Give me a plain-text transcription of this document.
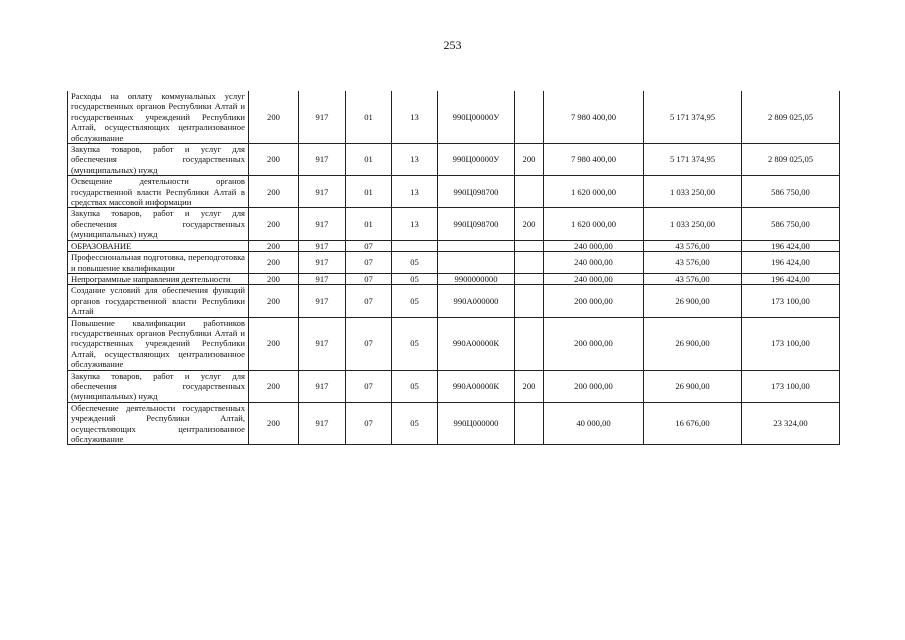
253
Расходы на оплату коммунальных услуг государственных органов Республики Алтай и государственных учреждений Республики Алтай, осуществляющих централизованное обслуживание	200	917	01	13	990Ц00000У		7 980 400,00	5 171 374,95	2 809 025,05
Закупка товаров, работ и услуг для обеспечения государственных (муниципальных) нужд	200	917	01	13	990Ц00000У	200	7 980 400,00	5 171 374,95	2 809 025,05
Освещение деятельности органов государственной власти Республики Алтай в средствах массовой информации	200	917	01	13	990Ц098700		1 620 000,00	1 033 250,00	586 750,00
Закупка товаров, работ и услуг для обеспечения государственных (муниципальных) нужд	200	917	01	13	990Ц098700	200	1 620 000,00	1 033 250,00	586 750,00
ОБРАЗОВАНИЕ	200	917	07				240 000,00	43 576,00	196 424,00
Профессиональная подготовка, переподготовка и повышение квалификации	200	917	07	05			240 000,00	43 576,00	196 424,00
Непрограммные направления деятельности	200	917	07	05	9900000000		240 000,00	43 576,00	196 424,00
Создание условий для обеспечения функций органов государственной власти Республики Алтай	200	917	07	05	990А000000		200 000,00	26 900,00	173 100,00
Повышение квалификации работников государственных органов Республики Алтай и государственных учреждений Республики Алтай, осуществляющих централизованное обслуживание	200	917	07	05	990А00000К		200 000,00	26 900,00	173 100,00
Закупка товаров, работ и услуг для обеспечения государственных (муниципальных) нужд	200	917	07	05	990А00000К	200	200 000,00	26 900,00	173 100,00
Обеспечение деятельности государственных учреждений Республики Алтай, осуществляющих централизованное обслуживание	200	917	07	05	990Ц000000		40 000,00	16 676,00	23 324,00
